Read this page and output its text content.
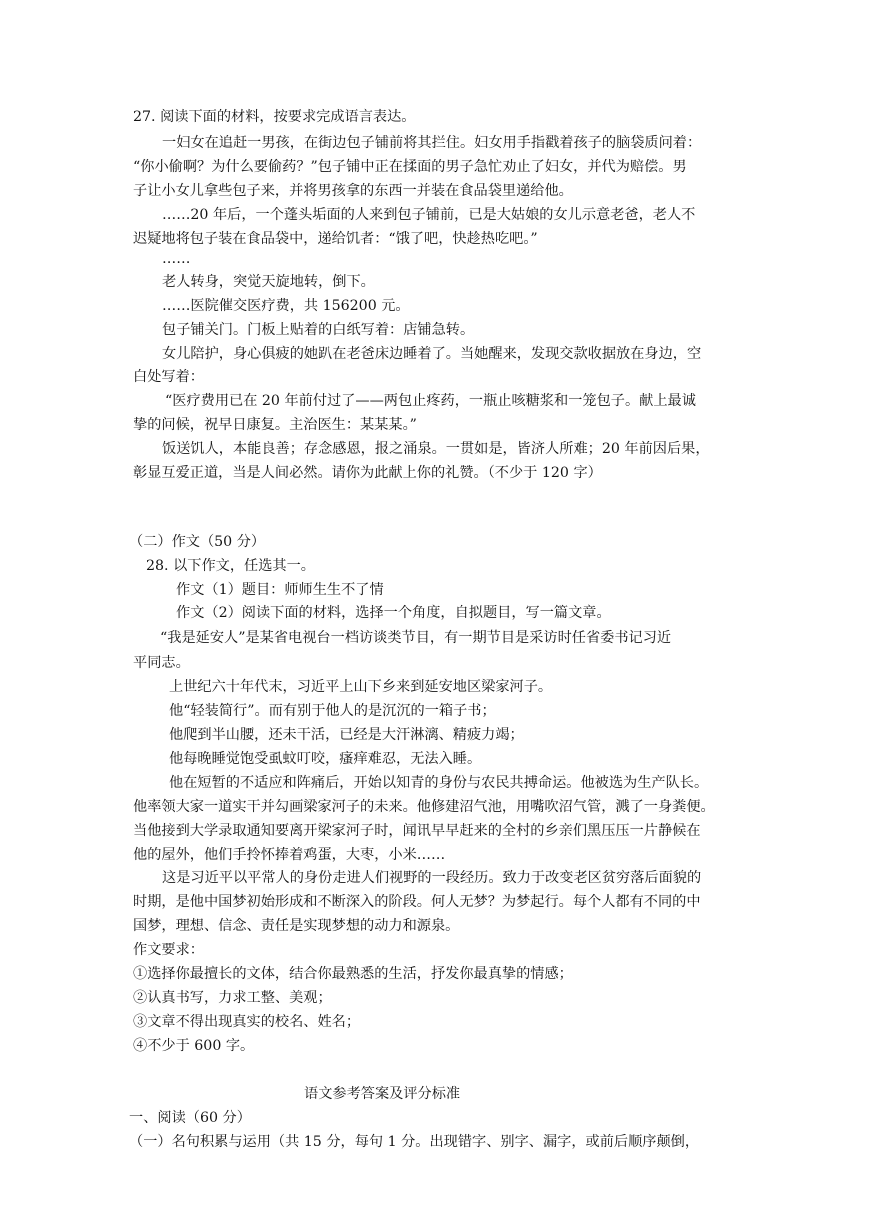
27. 阅读下面的材料，按要求完成语言表达。
一妇女在追赶一男孩，在街边包子铺前将其拦住。妇女用手指戳着孩子的脑袋质问着：
“你小偷啊？为什么要偷药？”包子铺中正在揉面的男子急忙劝止了妇女，并代为赔偿。男
子让小女儿拿些包子来，并将男孩拿的东西一并装在食品袋里递给他。
……20 年后，一个蓬头垢面的人来到包子铺前，已是大姑娘的女儿示意老爸，老人不
迟疑地将包子装在食品袋中，递给饥者：“饿了吧，快趁热吃吧。”
……
老人转身，突觉天旋地转，倒下。
……医院催交医疗费，共 156200 元。
包子铺关门。门板上贴着的白纸写着：店铺急转。
女儿陪护，身心俱疲的她趴在老爸床边睡着了。当她醒来，发现交款收据放在身边，空
白处写着：
“医疗费用已在 20 年前付过了——两包止疼药，一瓶止咳糖浆和一笼包子。献上最诚
挚的问候，祝早日康复。主治医生：某某某。”
饭送饥人，本能良善；存念感恩，报之涌泉。一贯如是，皆济人所难；20 年前因后果，
彰显互爱正道，当是人间必然。请你为此献上你的礼赞。（不少于 120 字）
（二）作文（50 分）
28. 以下作文，任选其一。
作文（1）题目：师师生生不了情
作文（2）阅读下面的材料，选择一个角度，自拟题目，写一篇文章。
“我是延安人”是某省电视台一档访谈类节目，有一期节目是采访时任省委书记习近
平同志。
上世纪六十年代末，习近平上山下乡来到延安地区梁家河子。
他“轻装简行”。而有别于他人的是沉沉的一箱子书；
他爬到半山腰，还未干活，已经是大汗淋漓、精疲力竭；
他每晚睡觉饱受虱蚊叮咬，瘙痒难忍，无法入睡。
他在短暂的不适应和阵痛后，开始以知青的身份与农民共搏命运。他被选为生产队长。
他率领大家一道实干并勾画梁家河子的未来。他修建沼气池，用嘴吹沼气管，溅了一身粪便。
当他接到大学录取通知要离开梁家河子时，闻讯早早赶来的全村的乡亲们黑压压一片静候在
他的屋外，他们手拎怀捧着鸡蛋，大枣，小米……
这是习近平以平常人的身份走进人们视野的一段经历。致力于改变老区贫穷落后面貌的
时期，是他中国梦初始形成和不断深入的阶段。何人无梦？为梦起行。每个人都有不同的中
国梦，理想、信念、责任是实现梦想的动力和源泉。
作文要求：
①选择你最擅长的文体，结合你最熟悉的生活，抒发你最真挚的情感；
②认真书写，力求工整、美观；
③文章不得出现真实的校名、姓名；
④不少于 600 字。
语文参考答案及评分标准
一、阅读（60 分）
（一）名句积累与运用（共 15 分，每句 1 分。出现错字、别字、漏字，或前后顺序颠倒，
